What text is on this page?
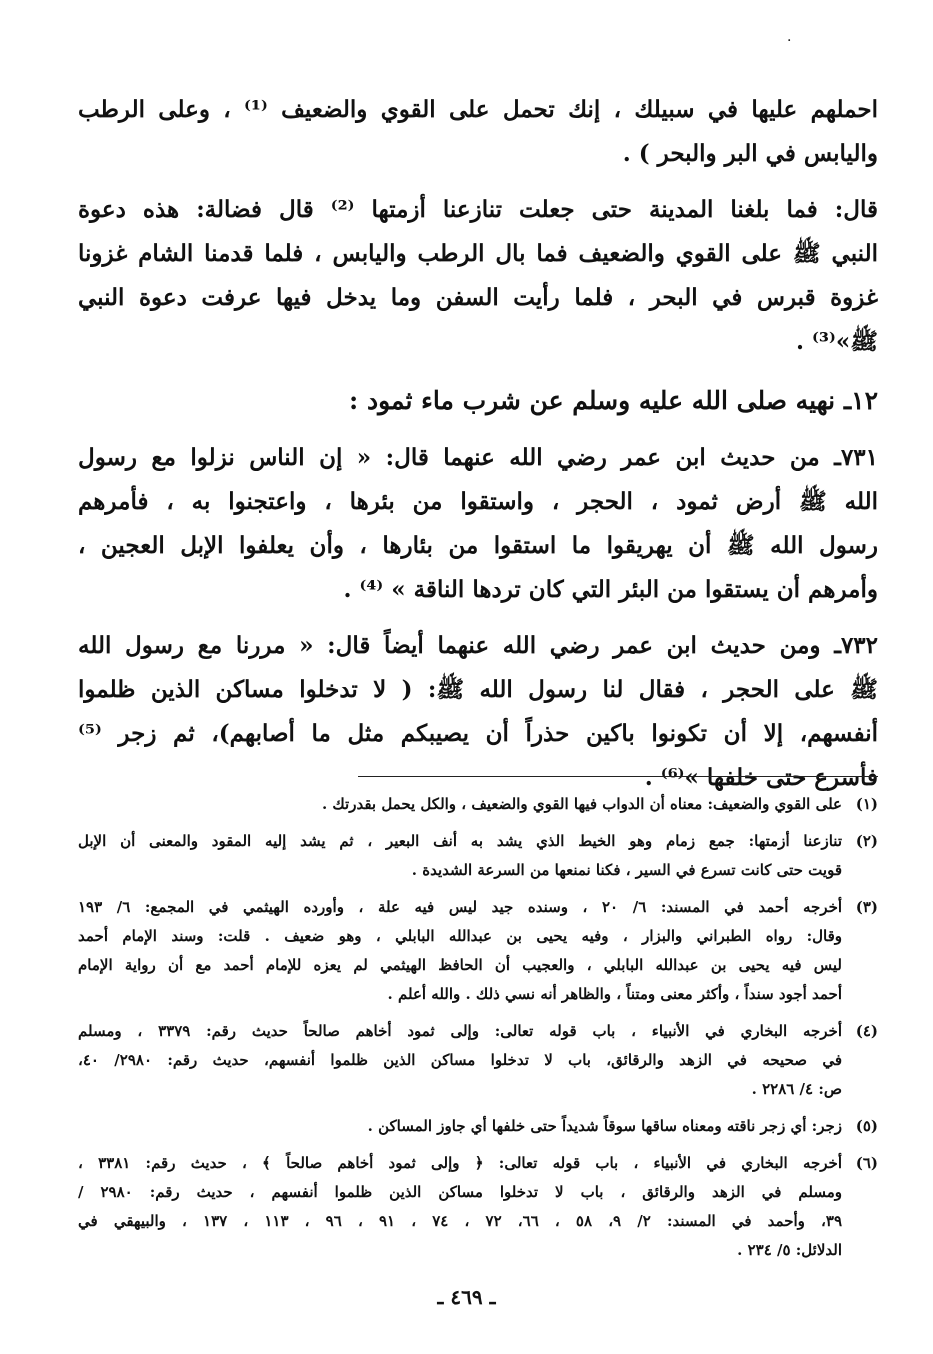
·
احملهم عليها في سبيلك ، إنك تحمل على القوي والضعيف ⁽¹⁾ ، وعلى الرطب
واليابس في البر والبحر ) .
قال: فما بلغنا المدينة حتى جعلت تنازعنا أزمتها ⁽²⁾ قال فضالة: هذه دعوة
النبي ﷺ على القوي والضعيف فما بال الرطب واليابس ، فلما قدمنا الشام غزونا
غزوة قبرس في البحر ، فلما رأيت السفن وما يدخل فيها عرفت دعوة النبي
ﷺ»⁽³⁾ .
١٢ـ نهيه صلى الله عليه وسلم عن شرب ماء ثمود :
٧٣١ـ من حديث ابن عمر رضي الله عنهما قال: « إن الناس نزلوا مع رسول
الله ﷺ أرض ثمود ، الحجر ، واستقوا من بئرها ، واعتجنوا به ، فأمرهم
رسول الله ﷺ أن يهريقوا ما استقوا من بئارها ، وأن يعلفوا الإبل العجين ،
وأمرهم أن يستقوا من البئر التي كان تردها الناقة » ⁽⁴⁾ .
٧٣٢ـ ومن حديث ابن عمر رضي الله عنهما أيضاً قال: « مررنا مع رسول الله
ﷺ على الحجر ، فقال لنا رسول الله ﷺ: ( لا تدخلوا مساكن الذين ظلموا
أنفسهم، إلا أن تكونوا باكين حذراً أن يصيبكم مثل ما أصابهم)، ثم زجر ⁽⁵⁾
فأسرع حتى خلفها »⁽⁶⁾ .
(١)
على القوي والضعيف: معناه أن الدواب فيها القوي والضعيف ، والكل يحمل بقدرتك .
(٢)
تنازعنا أزمتها: جمع زمام وهو الخيط الذي يشد به أنف البعير ، ثم يشد إليه المقود والمعنى أن الإبل
قويت حتى كانت تسرع في السير ، فكنا نمنعها من السرعة الشديدة .
(٣)
أخرجه أحمد في المسند: ٦/ ٢٠ ، وسنده جيد ليس فيه علة ، وأورده الهيثمي في المجمع: ٦/ ١٩٣
وقال: رواه الطبراني والبزار ، وفيه يحيى بن عبدالله البابلي ، وهو ضعيف . قلت: وسند الإمام أحمد
ليس فيه يحيى بن عبدالله البابلي ، والعجيب أن الحافظ الهيثمي لم يعزه للإمام أحمد مع أن رواية الإمام
أحمد أجود سنداً ، وأكثر معنى ومتناً ، والظاهر أنه نسي ذلك . والله أعلم .
(٤)
أخرجه البخاري في الأنبياء ، باب قوله تعالى: وإلى ثمود أخاهم صالحاً حديث رقم: ٣٣٧٩ ، ومسلم
في صحيحه في الزهد والرقائق، باب لا تدخلوا مساكن الذين ظلموا أنفسهم، حديث رقم: ٢٩٨٠/ ٤٠،
ص: ٤/ ٢٢٨٦ .
(٥)
زجر: أي زجر ناقته ومعناه ساقها سوقاً شديداً حتى خلفها أي جاوز المساكن .
(٦)
أخرجه البخاري في الأنبياء ، باب قوله تعالى: ﴿ وإلى ثمود أخاهم صالحاً ﴾ ، حديث رقم: ٣٣٨١ ،
ومسلم في الزهد والرقائق ، باب لا تدخلوا مساكن الذين ظلموا أنفسهم ، حديث رقم: ٢٩٨٠ /
٣٩، وأحمد في المسند: ٢/ ٩، ٥٨ ، ٦٦، ٧٢ ، ٧٤ ، ٩١ ، ٩٦ ، ١١٣ ، ١٣٧ ، والبيهقي في
الدلائل: ٥/ ٢٣٤ .
ـ ٤٦٩ ـ
